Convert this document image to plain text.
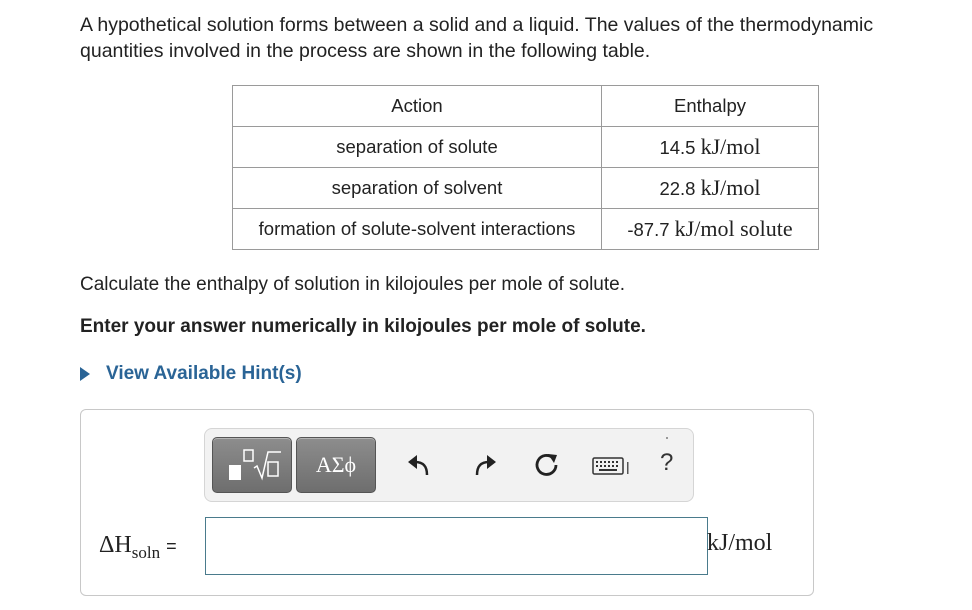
A hypothetical solution forms between a solid and a liquid. The values of the thermodynamic quantities involved in the process are shown in the following table.
Action	Enthalpy
separation of solute	14.5 kJ/mol
separation of solvent	22.8 kJ/mol
formation of solute-solvent interactions	-87.7 kJ/mol solute
Calculate the enthalpy of solution in kilojoules per mole of solute.
Enter your answer numerically in kilojoules per mole of solute.
View Available Hint(s)
ΑΣϕ	?
$\Delta H_{soln}$ =	kJ/mol
